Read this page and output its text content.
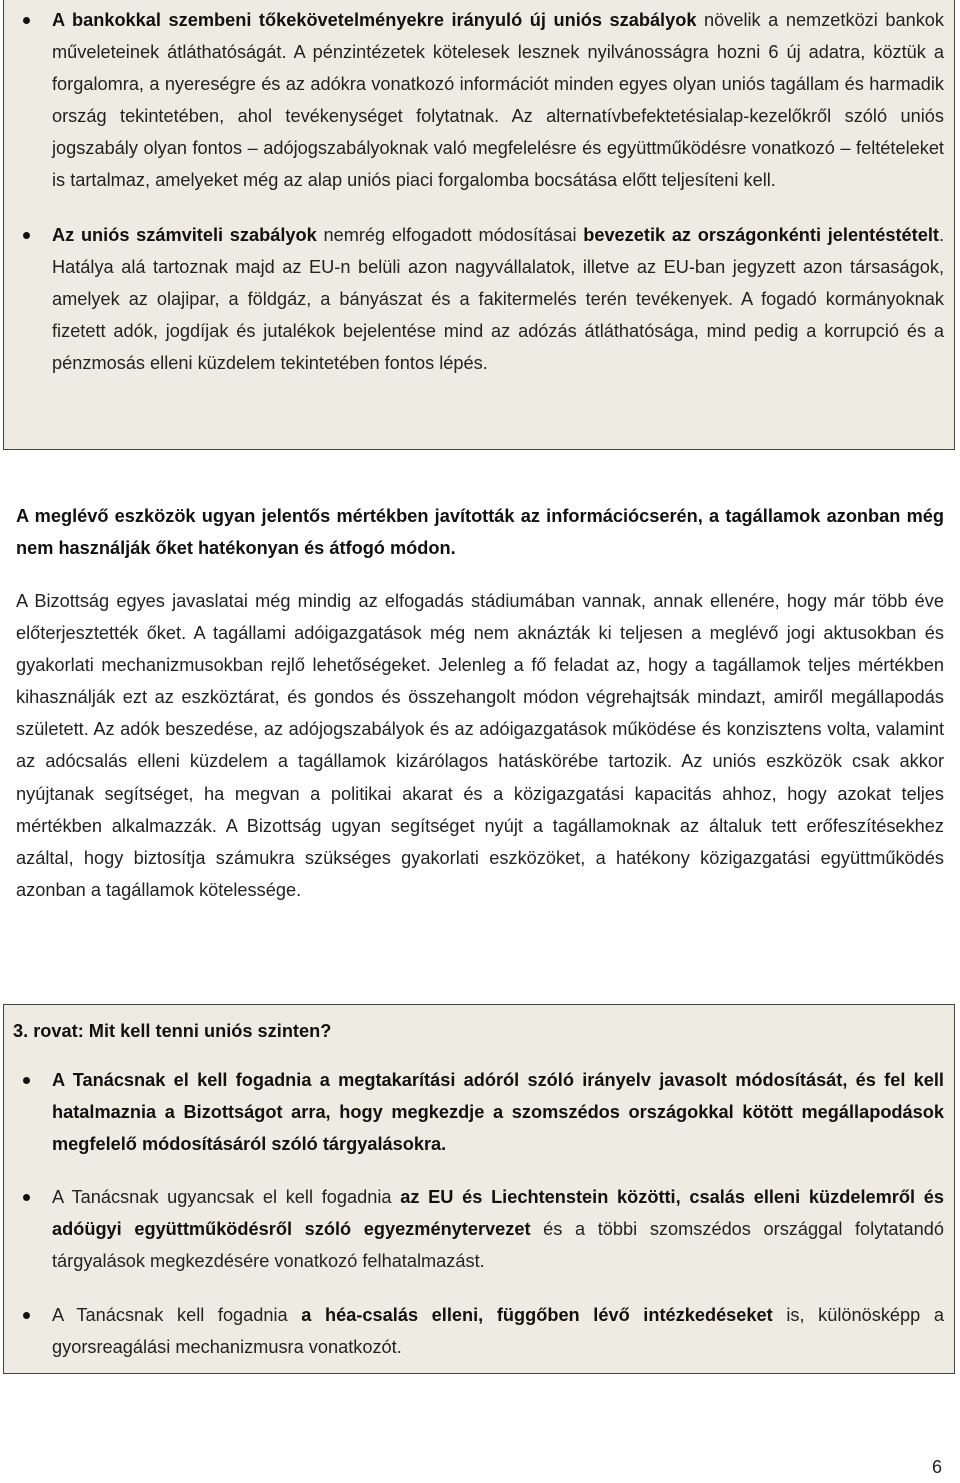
A bankokkal szembeni tőkekövetelményekre irányuló új uniós szabályok növelik a nemzetközi bankok műveleteinek átláthatóságát. A pénzintézetek kötelesek lesznek nyilvánosságra hozni 6 új adatra, köztük a forgalomra, a nyereségre és az adókra vonatkozó információt minden egyes olyan uniós tagállam és harmadik ország tekintetében, ahol tevékenységet folytatnak. Az alternatívbefektetésialap-kezelőkről szóló uniós jogszabály olyan fontos – adójogszabályoknak való megfelelésre és együttműködésre vonatkozó – feltételeket is tartalmaz, amelyeket még az alap uniós piaci forgalomba bocsátása előtt teljesíteni kell.

Az uniós számviteli szabályok nemrég elfogadott módosításai bevezetik az országonkénti jelentéstételt. Hatálya alá tartoznak majd az EU-n belüli azon nagyvállalatok, illetve az EU-ban jegyzett azon társaságok, amelyek az olajipar, a földgáz, a bányászat és a fakitermelés terén tevékenyek. A fogadó kormányoknak fizetett adók, jogdíjak és jutalékok bejelentése mind az adózás átláthatósága, mind pedig a korrupció és a pénzmosás elleni küzdelem tekintetében fontos lépés.

A meglévő eszközök ugyan jelentős mértékben javították az információcserén, a tagállamok azonban még nem használják őket hatékonyan és átfogó módon.

A Bizottság egyes javaslatai még mindig az elfogadás stádiumában vannak, annak ellenére, hogy már több éve előterjesztették őket. A tagállami adóigazgatások még nem aknázták ki teljesen a meglévő jogi aktusokban és gyakorlati mechanizmusokban rejlő lehetőségeket. Jelenleg a fő feladat az, hogy a tagállamok teljes mértékben kihasználják ezt az eszköztárat, és gondos és összehangolt módon végrehajtsák mindazt, amiről megállapodás született. Az adók beszedése, az adójogszabályok és az adóigazgatások működése és konzisztens volta, valamint az adócsalás elleni küzdelem a tagállamok kizárólagos hatáskörébe tartozik. Az uniós eszközök csak akkor nyújtanak segítséget, ha megvan a politikai akarat és a közigazgatási kapacitás ahhoz, hogy azokat teljes mértékben alkalmazzák. A Bizottság ugyan segítséget nyújt a tagállamoknak az általuk tett erőfeszítésekhez azáltal, hogy biztosítja számukra szükséges gyakorlati eszközöket, a hatékony közigazgatási együttműködés azonban a tagállamok kötelessége.

3. rovat: Mit kell tenni uniós szinten?

A Tanácsnak el kell fogadnia a megtakarítási adóról szóló irányelv javasolt módosítását, és fel kell hatalmaznia a Bizottságot arra, hogy megkezdje a szomszédos országokkal kötött megállapodások megfelelő módosításáról szóló tárgyalásokra.

A Tanácsnak ugyancsak el kell fogadnia az EU és Liechtenstein közötti, csalás elleni küzdelemről és adóügyi együttműködésről szóló egyezménytervezet és a többi szomszédos országgal folytatandó tárgyalások megkezdésére vonatkozó felhatalmazást.

A Tanácsnak kell fogadnia a héa-csalás elleni, függőben lévő intézkedéseket is, különösképp a gyorsreagálási mechanizmusra vonatkozót.

6
